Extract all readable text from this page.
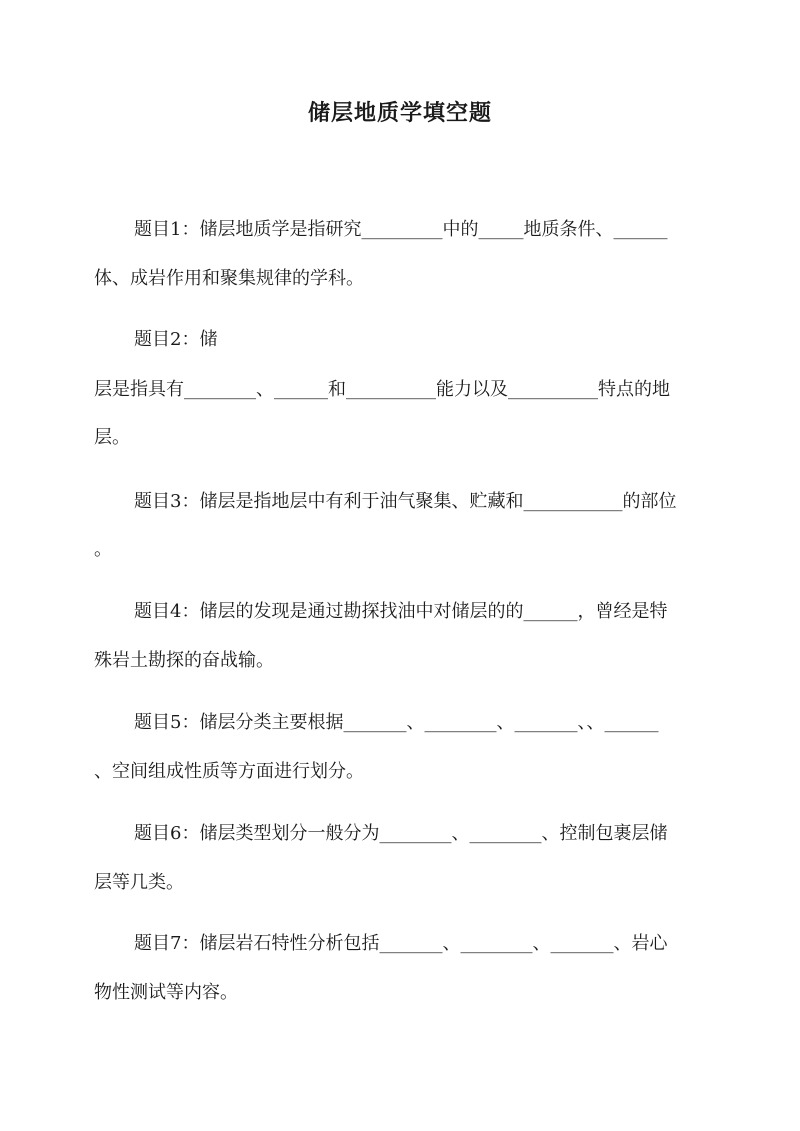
储层地质学填空题
题目1：储层地质学是指研究_________中的_____地质条件、______
体、成岩作用和聚集规律的学科。
题目2：储
层是指具有________、______和__________能力以及__________特点的地
层。
题目3：储层是指地层中有利于油气聚集、贮藏和___________的部位
。
题目4：储层的发现是通过勘探找油中对储层的的______，曾经是特
殊岩土勘探的奋战输。
题目5：储层分类主要根据_______、________、_______、、______
、空间组成性质等方面进行划分。
题目6：储层类型划分一般分为________、________、控制包裹层储
层等几类。
题目7：储层岩石特性分析包括_______、________、_______、岩心
物性测试等内容。
